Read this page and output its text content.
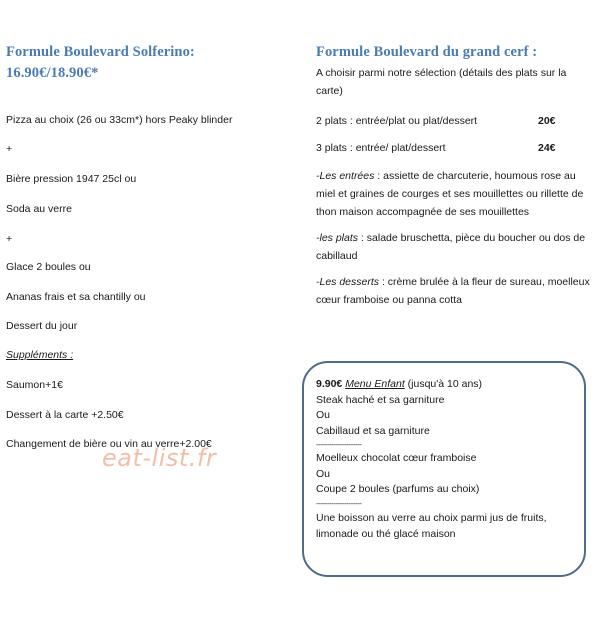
Formule Boulevard Solferino:
16.90€/18.90€*
Pizza au choix (26 ou 33cm*) hors Peaky blinder
+
Bière pression 1947 25cl ou
Soda au verre
+
Glace 2 boules ou
Ananas frais et sa chantilly ou
Dessert du jour
Suppléments :
Saumon+1€
Dessert à la carte +2.50€
Changement de bière ou vin au verre+2.00€
eat-list.fr
Formule Boulevard du grand cerf :

A choisir parmi notre sélection (détails des plats sur la carte)

2 plats : entrée/plat ou plat/dessert	20€
3 plats : entrée/ plat/dessert	24€

-Les entrées : assiette de charcuterie, houmous rose au miel et graines de courges et ses mouillettes ou rillette de thon maison accompagnée de ses mouillettes

-les plats : salade bruschetta, pièce du boucher ou dos de cabillaud

-Les desserts : crème brulée à la fleur de sureau, moelleux cœur framboise ou panna cotta

9.90€ Menu Enfant (jusqu'à 10 ans)
Steak haché et sa garniture
Ou
Cabillaud et sa garniture
---------------------
Moelleux chocolat cœur framboise
Ou
Coupe 2 boules (parfums au choix)
---------------------
Une boisson au verre au choix parmi jus de fruits, limonade ou thé glacé maison
